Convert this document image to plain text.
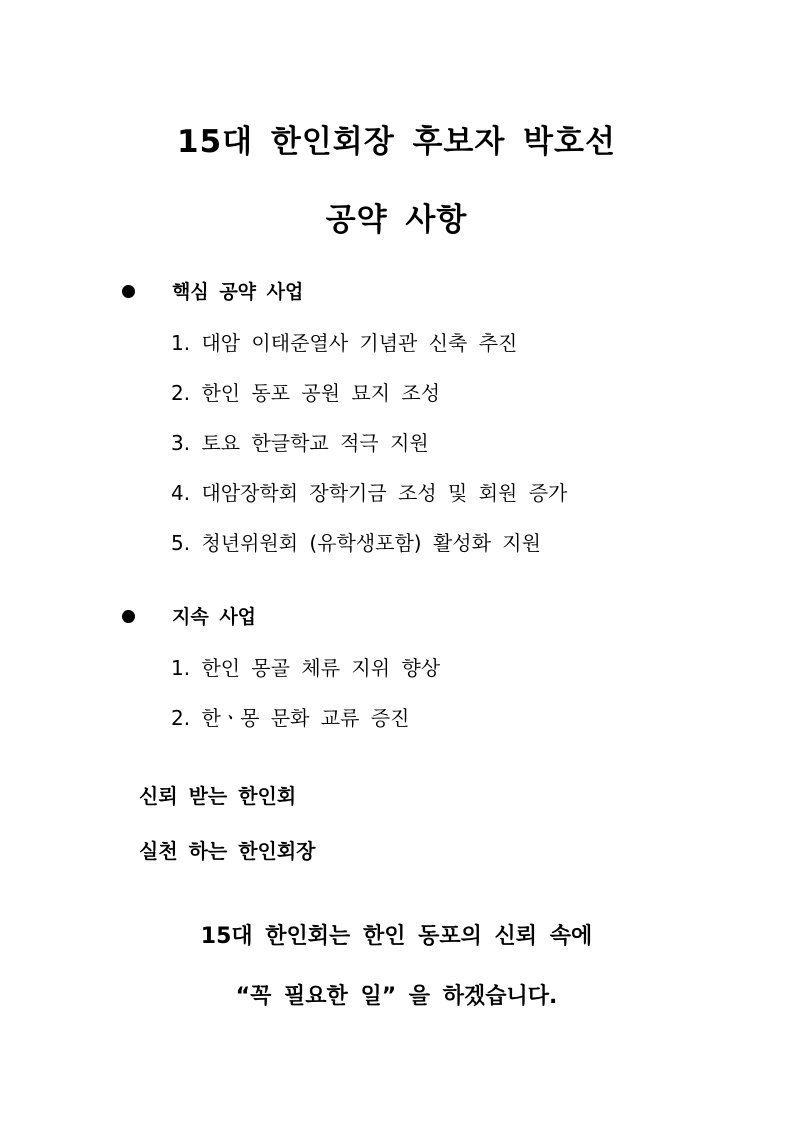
15대 한인회장 후보자 박호선
공약 사항
핵심 공약 사업
1. 대암 이태준열사 기념관 신축 추진
2. 한인 동포 공원 묘지 조성
3. 토요 한글학교 적극 지원
4. 대암장학회 장학기금 조성 및 회원 증가
5. 청년위원회 (유학생포함) 활성화 지원
지속 사업
1. 한인 몽골 체류 지위 향상
2. 한ㆍ몽 문화 교류 증진
신뢰 받는 한인회
실천 하는 한인회장
15대 한인회는 한인 동포의 신뢰 속에
“꼭 필요한 일” 을 하겠습니다.
